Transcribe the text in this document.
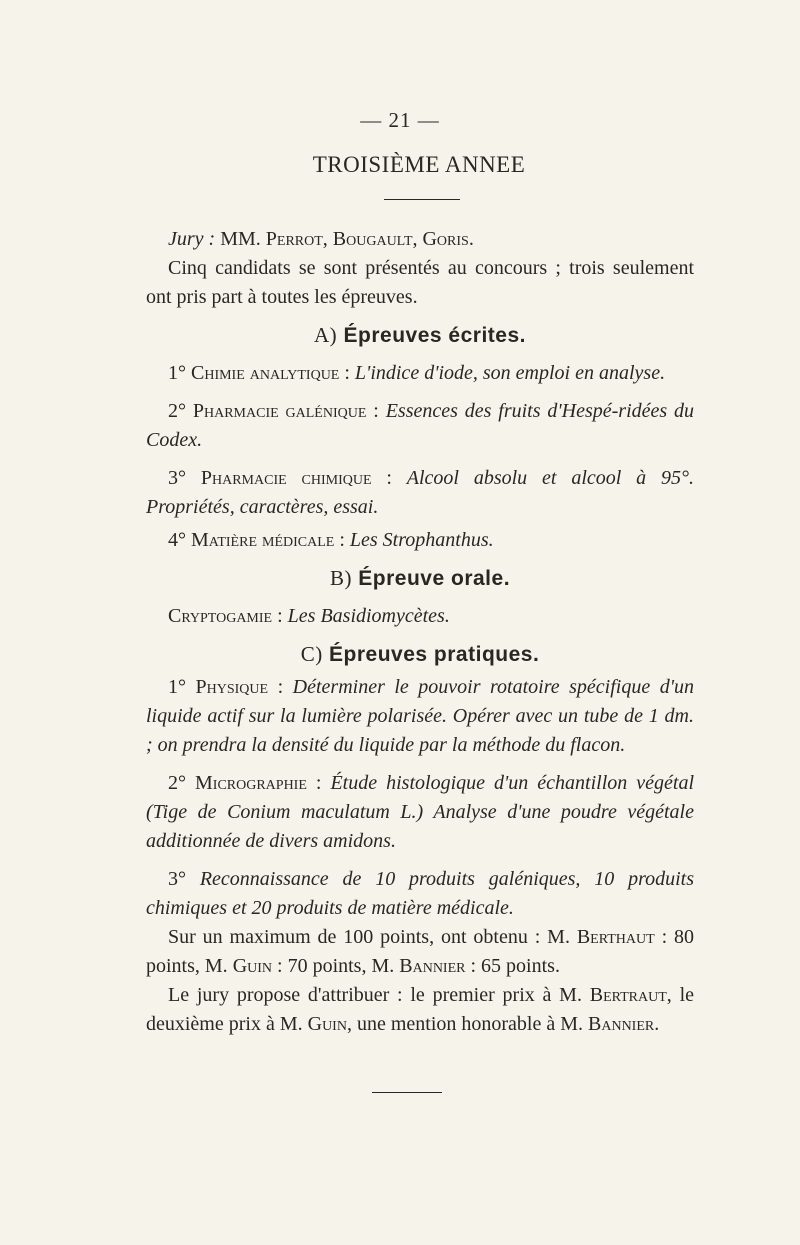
— 21 —
TROISIÈME ANNEE

Jury : MM. Perrot, Bougault, Goris.

Cinq candidats se sont présentés au concours ; trois seulement ont pris part à toutes les épreuves.

A) Épreuves écrites.

1° Chimie analytique : L'indice d'iode, son emploi en analyse.

2° Pharmacie galénique : Essences des fruits d'Hespé-ridées du Codex.

3° Pharmacie chimique : Alcool absolu et alcool à 95°. Propriétés, caractères, essai.

4° Matière médicale : Les Strophanthus.

B) Épreuve orale.

Cryptogamie : Les Basidiomycètes.

C) Épreuves pratiques.

1° Physique : Déterminer le pouvoir rotatoire spécifique d'un liquide actif sur la lumière polarisée. Opérer avec un tube de 1 dm. ; on prendra la densité du liquide par la méthode du flacon.

2° Micrographie : Étude histologique d'un échantillon végétal (Tige de Conium maculatum L.) Analyse d'une poudre végétale additionnée de divers amidons.

3° Reconnaissance de 10 produits galéniques, 10 produits chimiques et 20 produits de matière médicale.

Sur un maximum de 100 points, ont obtenu : M. Berthaut : 80 points, M. Guin : 70 points, M. Bannier : 65 points.

Le jury propose d'attribuer : le premier prix à M. Bertraut, le deuxième prix à M. Guin, une mention honorable à M. Bannier.
